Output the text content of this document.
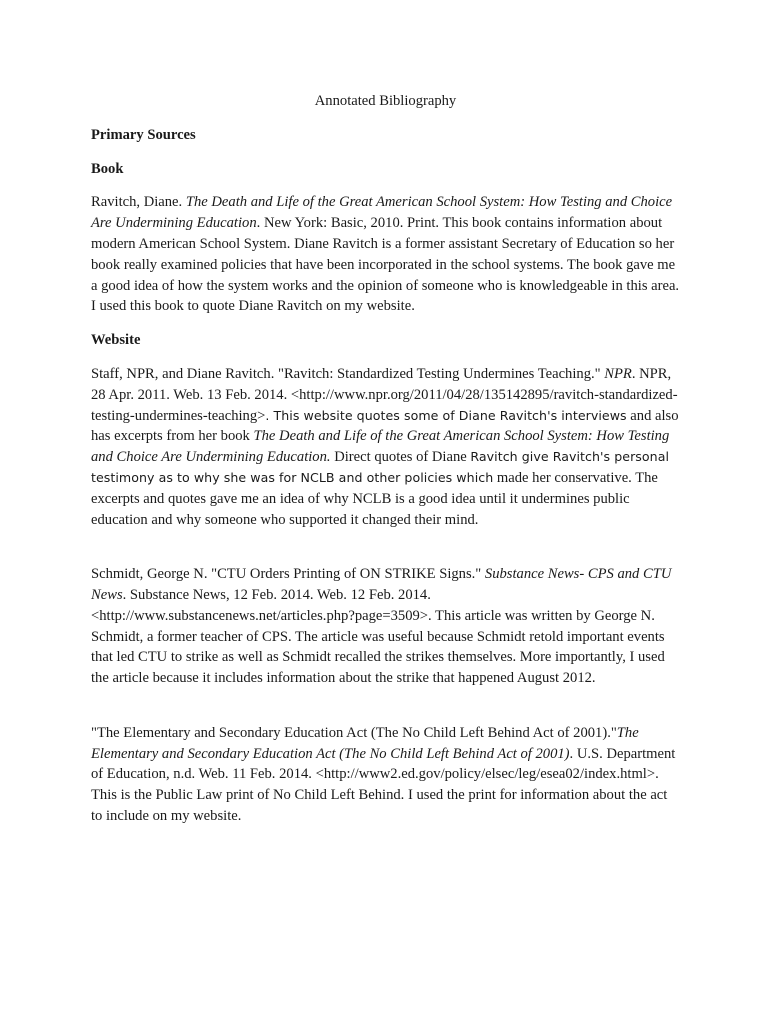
Annotated Bibliography
Primary Sources
Book

Ravitch, Diane. The Death and Life of the Great American School System: How Testing and Choice Are Undermining Education. New York: Basic, 2010. Print. This book contains information about modern American School System. Diane Ravitch is a former assistant Secretary of Education so her book really examined policies that have been incorporated in the school systems. The book gave me a good idea of how the system works and the opinion of someone who is knowledgeable in this area. I used this book to quote Diane Ravitch on my website.

Website

Staff, NPR, and Diane Ravitch. "Ravitch: Standardized Testing Undermines Teaching." NPR. NPR, 28 Apr. 2011. Web. 13 Feb. 2014. <http://www.npr.org/2011/04/28/135142895/ravitch-standardized-testing-undermines-teaching>. This website quotes some of Diane Ravitch's interviews and also has excerpts from her book The Death and Life of the Great American School System: How Testing and Choice Are Undermining Education. Direct quotes of Diane Ravitch give Ravitch's personal testimony as to why she was for NCLB and other policies which made her conservative. The excerpts and quotes gave me an idea of why NCLB is a good idea until it undermines public education and why someone who supported it changed their mind.

Schmidt, George N. "CTU Orders Printing of ON STRIKE Signs." Substance News- CPS and CTU News. Substance News, 12 Feb. 2014. Web. 12 Feb. 2014. <http://www.substancenews.net/articles.php?page=3509>. This article was written by George N. Schmidt, a former teacher of CPS. The article was useful because Schmidt retold important events that led CTU to strike as well as Schmidt recalled the strikes themselves. More importantly, I used the article because it includes information about the strike that happened August 2012.

"The Elementary and Secondary Education Act (The No Child Left Behind Act of 2001)."The Elementary and Secondary Education Act (The No Child Left Behind Act of 2001). U.S. Department of Education, n.d. Web. 11 Feb. 2014. <http://www2.ed.gov/policy/elsec/leg/esea02/index.html>. This is the Public Law print of No Child Left Behind. I used the print for information about the act to include on my website.
